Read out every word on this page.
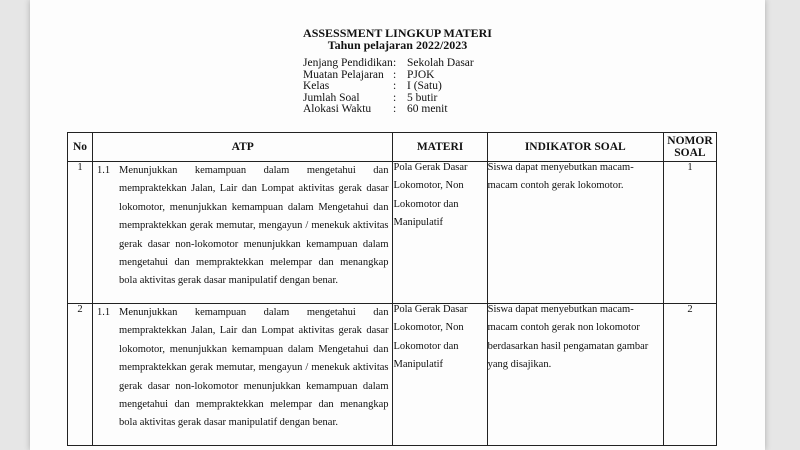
ASSESSMENT LINGKUP MATERI
Tahun pelajaran 2022/2023
Jenjang Pendidikan : Sekolah Dasar
Muatan Pelajaran : PJOK
Kelas	: I (Satu)
Jumlah Soal	: 5 butir
Alokasi Waktu	: 60 menit
No	ATP	MATERI	INDIKATOR SOAL	NOMOR SOAL
1	1.1 Menunjukkan kemampuan dalam mengetahui dan mempraktekkan Jalan, Lair dan Lompat aktivitas gerak dasar lokomotor, menunjukkan kemampuan dalam Mengetahui dan mempraktekkan gerak memutar, mengayun / menekuk aktivitas gerak dasar non-lokomotor menunjukkan kemampuan dalam mengetahui dan mempraktekkan melempar dan menangkap bola aktivitas gerak dasar manipulatif dengan benar.	Pola Gerak Dasar Lokomotor, Non Lokomotor dan Manipulatif	Siswa dapat menyebutkan macam-macam contoh gerak lokomotor.	1
2	1.1 Menunjukkan kemampuan dalam mengetahui dan mempraktekkan Jalan, Lair dan Lompat aktivitas gerak dasar lokomotor, menunjukkan kemampuan dalam Mengetahui dan mempraktekkan gerak memutar, mengayun / menekuk aktivitas gerak dasar non-lokomotor menunjukkan kemampuan dalam mengetahui dan mempraktekkan melempar dan menangkap bola aktivitas gerak dasar manipulatif dengan benar.	Pola Gerak Dasar Lokomotor, Non Lokomotor dan Manipulatif	Siswa dapat menyebutkan macam-macam contoh gerak non lokomotor berdasarkan hasil pengamatan gambar yang disajikan.	2
